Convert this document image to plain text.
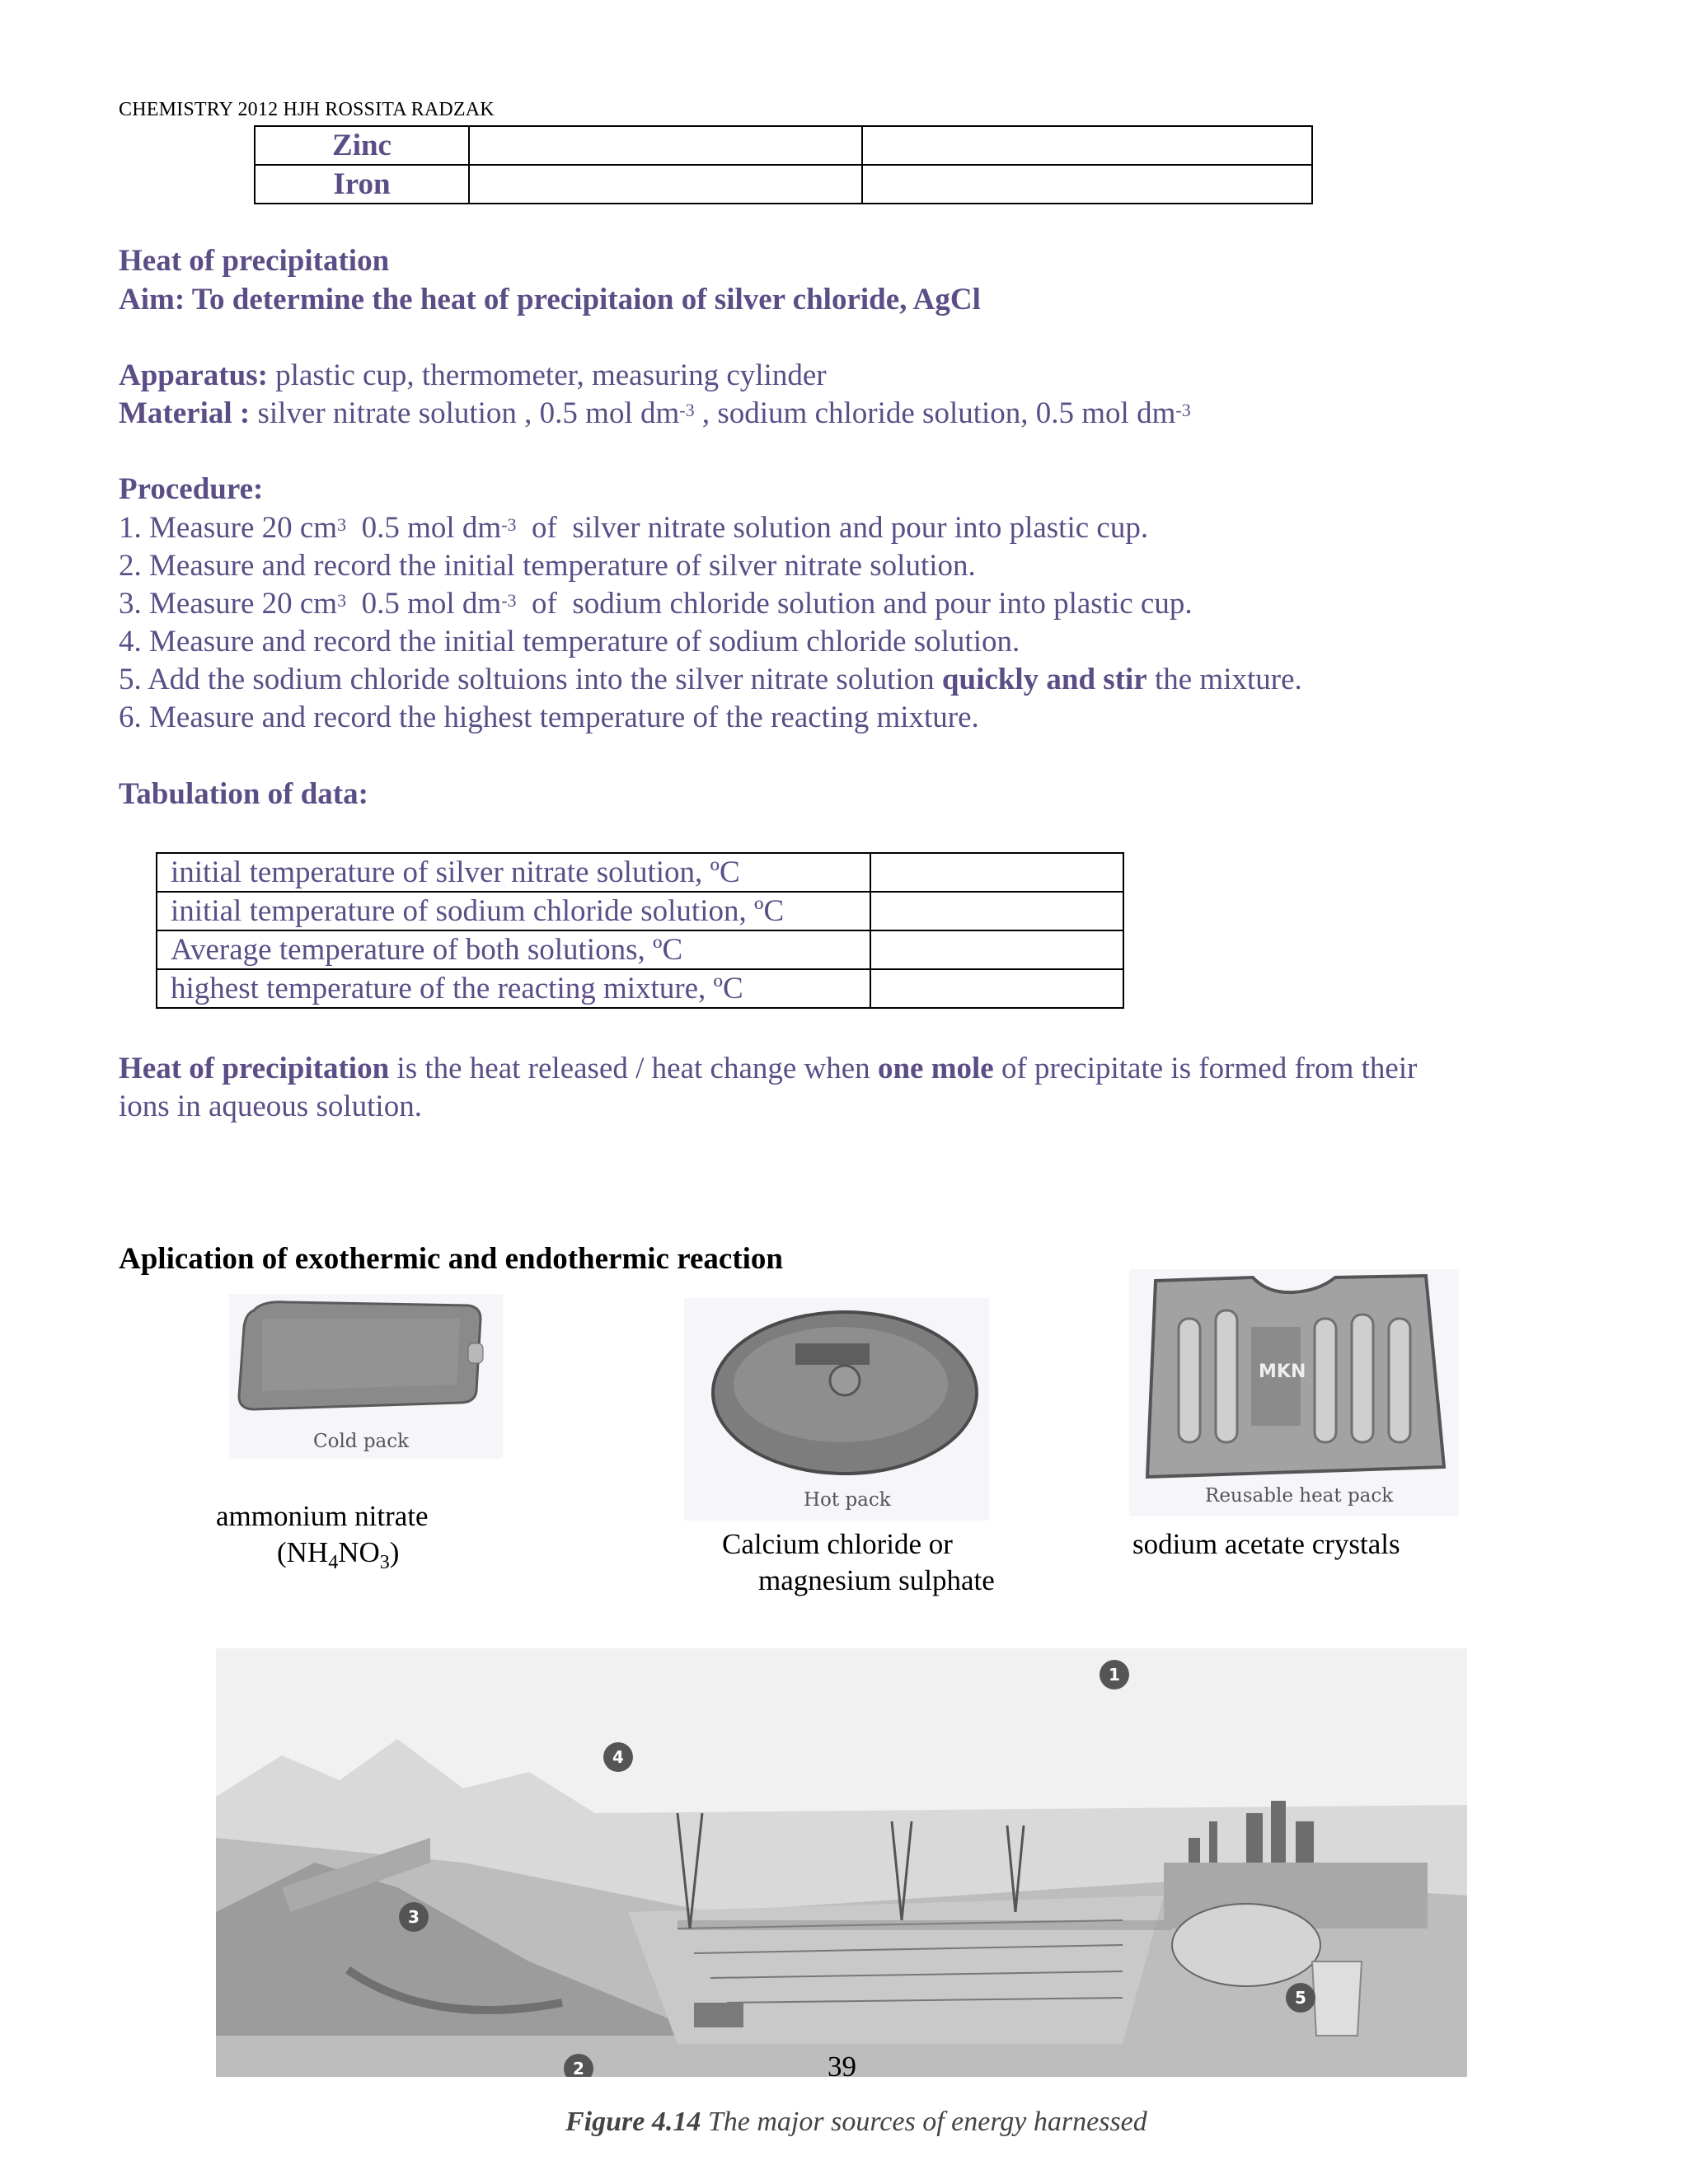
CHEMISTRY 2012 HJH ROSSITA RADZAK
Zinc		
Iron		
Heat of precipitation
Aim: To determine the heat of precipitaion of silver chloride, AgCl
Apparatus: plastic cup, thermometer, measuring cylinder
Material : silver nitrate solution , 0.5 mol $dm^{-3}$ , sodium chloride solution, 0.5 mol $dm^{-3}$
Procedure:
1. Measure 20 $cm^3$  0.5 mol $dm^{-3}$  of  silver nitrate solution and pour into plastic cup.
2. Measure and record the initial temperature of silver nitrate solution.
3. Measure 20 $cm^3$  0.5 mol $dm^{-3}$  of  sodium chloride solution and pour into plastic cup.
4. Measure and record the initial temperature of sodium chloride solution.
5. Add the sodium chloride soltuions into the silver nitrate solution quickly and stir the mixture.
6. Measure and record the highest temperature of the reacting mixture.
Tabulation of data:
initial temperature of silver nitrate solution, ºC	
initial temperature of sodium chloride solution, ºC	
Average temperature of both solutions, ºC	
highest temperature of the reacting mixture, ºC	
Heat of precipitation is the heat released / heat change when one mole of precipitate is formed from their
ions in aqueous solution.
Aplication of exothermic and endothermic reaction
Cold pack
Hot pack
MKN
Reusable heat pack
ammonium nitrate
$(NH_4NO_3)$	Calcium chloride or
magnesium sulphate
sodium acetate crystals
1
2
3
4
5
39
Figure 4.14 The major sources of energy harnessed
